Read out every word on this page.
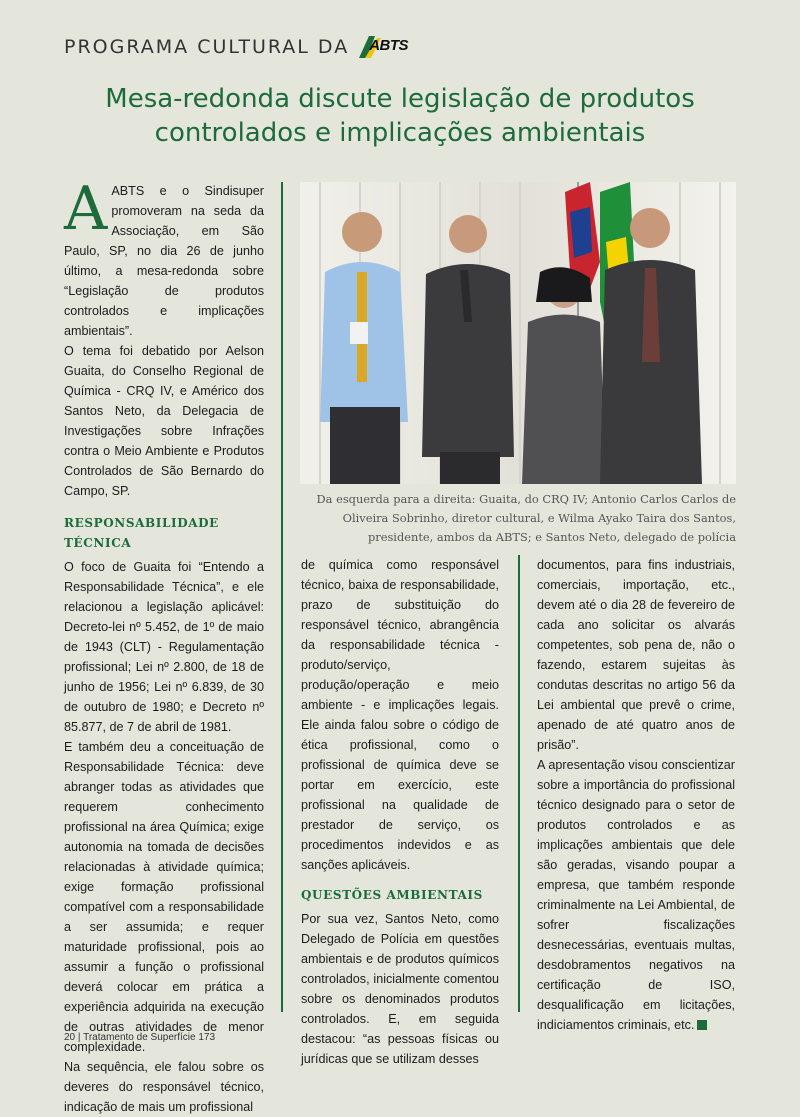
PROGRAMA CULTURAL DA ABTS
Mesa-redonda discute legislação de produtos
controlados e implicações ambientais
A ABTS e o Sindisuper promoveram na seda da Associação, em São Paulo, SP, no dia 26 de junho último, a mesa-redonda sobre “Legislação de produtos controlados e implicações ambientais”.

O tema foi debatido por Aelson Guaita, do Conselho Regional de Química - CRQ IV, e Américo dos Santos Neto, da Delegacia de Investigações sobre Infrações contra o Meio Ambiente e Produtos Controlados de São Bernardo do Campo, SP.

RESPONSABILIDADE TÉCNICA

O foco de Guaita foi “Entendo a Responsabilidade Técnica”, e ele relacionou a legislação aplicável: Decreto-lei nº 5.452, de 1º de maio de 1943 (CLT) - Regulamentação profissional; Lei nº 2.800, de 18 de junho de 1956; Lei nº 6.839, de 30 de outubro de 1980; e Decreto nº 85.877, de 7 de abril de 1981.

E também deu a conceituação de Responsabilidade Técnica: deve abranger todas as atividades que requerem conhecimento profissional na área Química; exige autonomia na tomada de decisões relacionadas à atividade química; exige formação profissional compatível com a responsabilidade a ser assumida; e requer maturidade profissional, pois ao assumir a função o profissional deverá colocar em prática a experiência adquirida na execução de outras atividades de menor complexidade.

Na sequência, ele falou sobre os deveres do responsável técnico, indicação de mais um profissional

Da esquerda para a direita: Guaita, do CRQ IV; Antonio Carlos Carlos de Oliveira Sobrinho, diretor cultural, e Wilma Ayako Taira dos Santos, presidente, ambos da ABTS; e Santos Neto, delegado de polícia

de química como responsável técnico, baixa de responsabilidade, prazo de substituição do responsável técnico, abrangência da responsabilidade técnica - produto/serviço, produção/operação e meio ambiente - e implicações legais. Ele ainda falou sobre o código de ética profissional, como o profissional de química deve se portar em exercício, este profissional na qualidade de prestador de serviço, os procedimentos indevidos e as sanções aplicáveis.

QUESTÕES AMBIENTAIS

Por sua vez, Santos Neto, como Delegado de Polícia em questões ambientais e de produtos químicos controlados, inicialmente comentou sobre os denominados produtos controlados. E, em seguida destacou: “as pessoas físicas ou jurídicas que se utilizam desses

documentos, para fins industriais, comerciais, importação, etc., devem até o dia 28 de fevereiro de cada ano solicitar os alvarás competentes, sob pena de, não o fazendo, estarem sujeitas às condutas descritas no artigo 56 da Lei ambiental que prevê o crime, apenado de até quatro anos de prisão”.

A apresentação visou conscientizar sobre a importância do profissional técnico designado para o setor de produtos controlados e as implicações ambientais que dele são geradas, visando poupar a empresa, que também responde criminalmente na Lei Ambiental, de sofrer fiscalizações desnecessárias, eventuais multas, desdobramentos negativos na certificação de ISO, desqualificação em licitações, indiciamentos criminais, etc.

20 | Tratamento de Superfície 173
